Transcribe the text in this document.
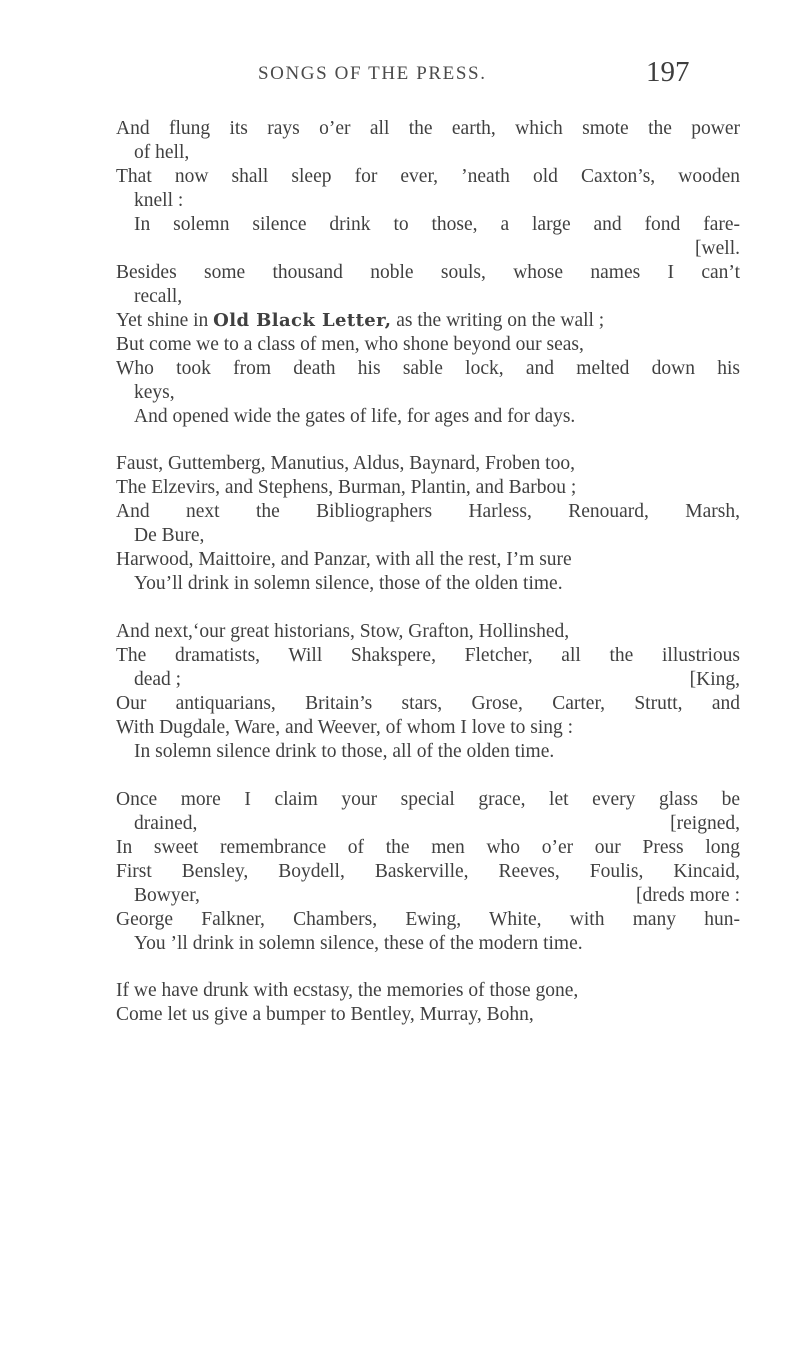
SONGS OF THE PRESS.	197
And flung its rays o’er all the earth, which smote the power
of hell,
That now shall sleep for ever, ’neath old Caxton’s, wooden
knell :
In solemn silence drink to those, a large and fond fare-
[well.
Besides some thousand noble souls, whose names I can’t
recall,
Yet shine in Old Black Letter, as the writing on the wall ;
But come we to a class of men, who shone beyond our seas,
Who took from death his sable lock, and melted down his
keys,
And opened wide the gates of life, for ages and for days.
Faust, Guttemberg, Manutius, Aldus, Baynard, Froben too,
The Elzevirs, and Stephens, Burman, Plantin, and Barbou ;
And next the Bibliographers Harless, Renouard, Marsh,
De Bure,
Harwood, Maittoire, and Panzar, with all the rest, I’m sure
You’ll drink in solemn silence, those of the olden time.
And next,‘our great historians, Stow, Grafton, Hollinshed,
The dramatists, Will Shakspere, Fletcher, all the illustrious
dead ;	[King,
Our antiquarians, Britain’s stars, Grose, Carter, Strutt, and
With Dugdale, Ware, and Weever, of whom I love to sing :
In solemn silence drink to those, all of the olden time.
Once more I claim your special grace, let every glass be
drained,	[reigned,
In sweet remembrance of the men who o’er our Press long
First Bensley, Boydell, Baskerville, Reeves, Foulis, Kincaid,
Bowyer,	[dreds more :
George Falkner, Chambers, Ewing, White, with many hun-
You ’ll drink in solemn silence, these of the modern time.
If we have drunk with ecstasy, the memories of those gone,
Come let us give a bumper to Bentley, Murray, Bohn,
